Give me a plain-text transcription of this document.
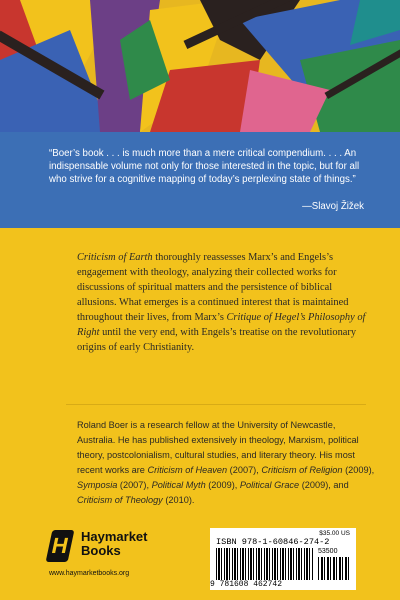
“Boer’s book . . . is much more than a mere critical compendium. . . . An indispensable volume not only for those interested in the topic, but for all who strive for a cognitive mapping of today’s perplexing state of things.”

—Slavoj Žižek

Criticism of Earth thoroughly reassesses Marx’s and Engels’s engagement with theology, analyzing their collected works for discussions of spiritual matters and the persistence of biblical allusions. What emerges is a continued interest that is maintained throughout their lives, from Marx’s Critique of Hegel’s Philosophy of Right until the very end, with Engels’s treatise on the revolutionary origins of early Christianity.

Roland Boer is a research fellow at the University of Newcastle, Australia. He has published extensively in theology, Marxism, political theory, postcolonialism, cultural studies, and literary theory. His most recent works are Criticism of Heaven (2007), Criticism of Religion (2009), Symposia (2007), Political Myth (2009), Political Grace (2009), and Criticism of Theology (2010).

H Haymarket
Books
www.haymarketbooks.org
$35.00 US
ISBN 978-1-60846-274-2
53500
9 781608 462742
